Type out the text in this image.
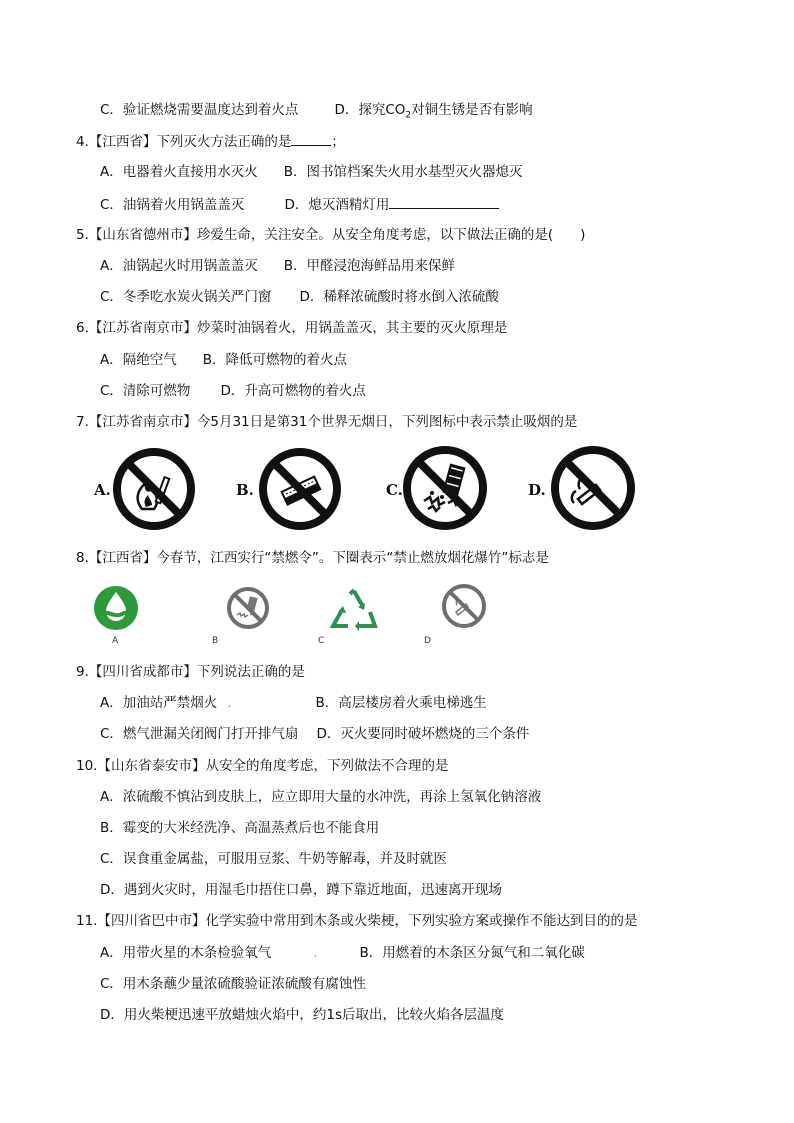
C．验证燃烧需要温度达到着火点	D．探究$CO_2$对铜生锈是否有影响
4.【江西省】下列灭火方法正确的是	；
A．电器着火直接用水灭火 B．图书馆档案失火用水基型灭火器熄灭
C．油锅着火用锅盖盖灭	D．熄灭酒精灯用
5.【山东省德州市】珍爱生命，关注安全。从安全角度考虑，以下做法正确的是(　　)
A．油锅起火时用锅盖盖灭 B．甲醛浸泡海鲜品用来保鲜
C．冬季吃水炭火锅关严门窗 D．稀释浓硫酸时将水倒入浓硫酸
6.【江苏省南京市】炒菜时油锅着火，用锅盖盖灭，其主要的灭火原理是
A．隔绝空气 B．降低可燃物的着火点
C．清除可燃物 D．升高可燃物的着火点
7.【江苏省南京市】今5月31日是第31个世界无烟日，下列图标中表示禁止吸烟的是
A.	B.	C.	D.
8.【江西省】今春节，江西实行“禁燃令”。下圈表示“禁止燃放烟花爆竹”标志是
A	B	C	D
9.【四川省成都市】下列说法正确的是
A．加油站严禁烟火 .	B．高层楼房着火乘电梯逃生
C．燃气泄漏关闭阀门打开排气扇 D．灭火要同时破坏燃烧的三个条件
10.【山东省泰安市】从安全的角度考虑，下列做法不合理的是
A．浓硫酸不慎沾到皮肤上，应立即用大量的水冲洗，再涂上氢氧化钠溶液
B．霉变的大米经洗净、高温蒸煮后也不能食用
C．误食重金属盐，可服用豆浆、牛奶等解毒，并及时就医
D．遇到火灾时，用湿毛巾捂住口鼻，蹲下靠近地面，迅速离开现场
11.【四川省巴中市】化学实验中常用到木条或火柴梗，下列实验方案或操作不能达到目的的是
A．用带火星的木条检验氧气	.	B．用燃着的木条区分氮气和二氧化碳
C．用木条蘸少量浓硫酸验证浓硫酸有腐蚀性
D．用火柴梗迅速平放蜡烛火焰中，约1s后取出，比较火焰各层温度
